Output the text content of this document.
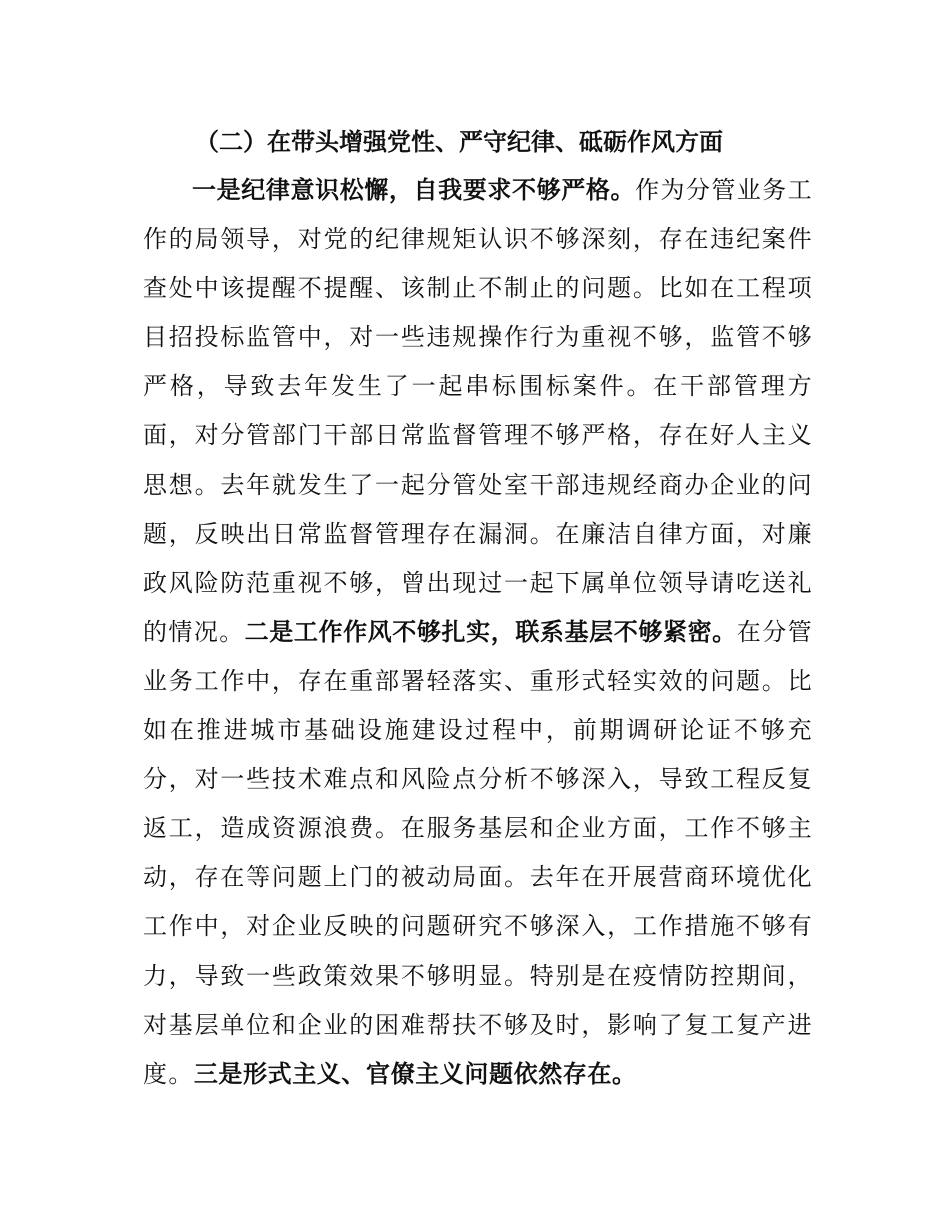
（二）在带头增强党性、严守纪律、砥砺作风方面

一是纪律意识松懈，自我要求不够严格。作为分管业务工作的局领导，对党的纪律规矩认识不够深刻，存在违纪案件查处中该提醒不提醒、该制止不制止的问题。比如在工程项目招投标监管中，对一些违规操作行为重视不够，监管不够严格，导致去年发生了一起串标围标案件。在干部管理方面，对分管部门干部日常监督管理不够严格，存在好人主义思想。去年就发生了一起分管处室干部违规经商办企业的问题，反映出日常监督管理存在漏洞。在廉洁自律方面，对廉政风险防范重视不够，曾出现过一起下属单位领导请吃送礼的情况。二是工作作风不够扎实，联系基层不够紧密。在分管业务工作中，存在重部署轻落实、重形式轻实效的问题。比如在推进城市基础设施建设过程中，前期调研论证不够充分，对一些技术难点和风险点分析不够深入，导致工程反复返工，造成资源浪费。在服务基层和企业方面，工作不够主动，存在等问题上门的被动局面。去年在开展营商环境优化工作中，对企业反映的问题研究不够深入，工作措施不够有力，导致一些政策效果不够明显。特别是在疫情防控期间，对基层单位和企业的困难帮扶不够及时，影响了复工复产进度。三是形式主义、官僚主义问题依然存在。
